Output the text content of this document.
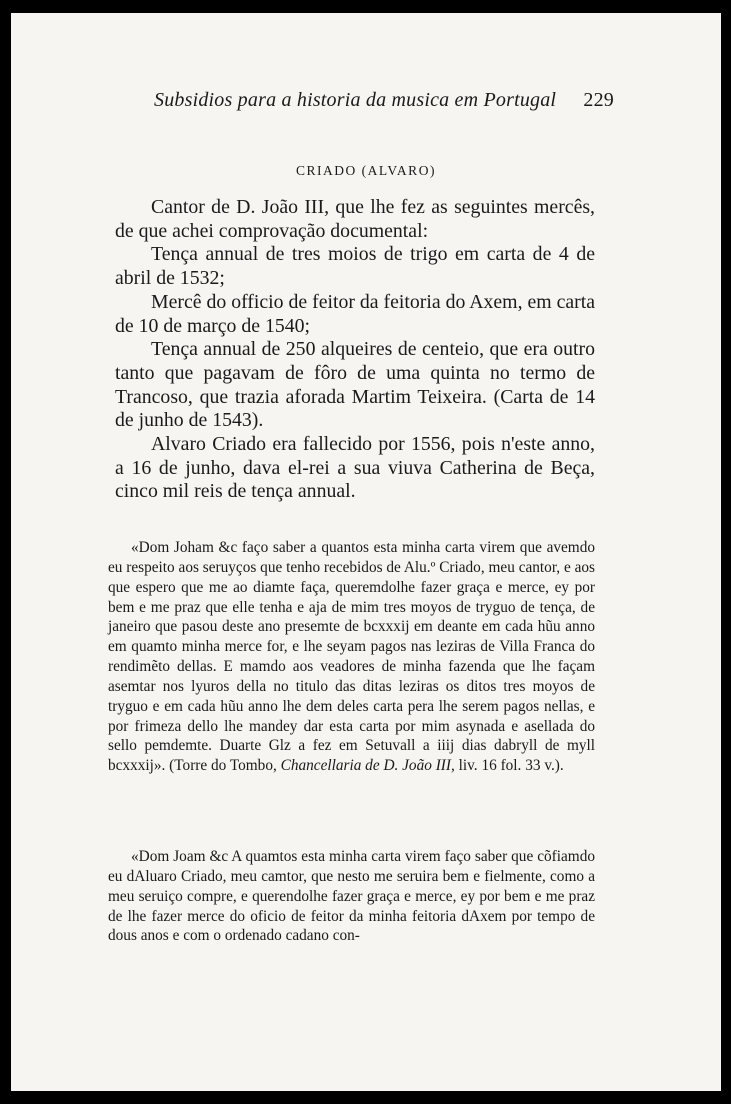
Subsidios para a historia da musica em Portugal 229
CRIADO (ALVARO)

Cantor de D. João III, que lhe fez as seguintes mercês, de que achei comprovação documental:

Tença annual de tres moios de trigo em carta de 4 de abril de 1532;

Mercê do officio de feitor da feitoria do Axem, em carta de 10 de março de 1540;

Tença annual de 250 alqueires de centeio, que era outro tanto que pagavam de fôro de uma quinta no termo de Trancoso, que trazia aforada Martim Teixeira. (Carta de 14 de junho de 1543).

Alvaro Criado era fallecido por 1556, pois n'este anno, a 16 de junho, dava el-rei a sua viuva Catherina de Beça, cinco mil reis de tença annual.

«Dom Joham &c faço saber a quantos esta minha carta virem que avemdo eu respeito aos seruyços que tenho recebidos de Alu.º Criado, meu cantor, e aos que espero que me ao diamte faça, queremdolhe fazer graça e merce, ey por bem e me praz que elle tenha e aja de mim tres moyos de tryguo de tença, de janeiro que pasou deste ano presemte de bcxxxij em deante em cada hũu anno em quamto minha merce for, e lhe seyam pagos nas leziras de Villa Franca do rendimẽto dellas. E mamdo aos veadores de minha fazenda que lhe façam asemtar nos lyuros della no titulo das ditas leziras os ditos tres moyos de tryguo e em cada hũu anno lhe dem deles carta pera lhe serem pagos nellas, e por frimeza dello lhe mandey dar esta carta por mim asynada e asellada do sello pemdemte. Duarte Glz a fez em Setuvall a iiij dias dabryll de myll bcxxxij». (Torre do Tombo, Chancellaria de D. João III, liv. 16 fol. 33 v.).

«Dom Joam &c A quamtos esta minha carta virem faço saber que cõfiamdo eu dAluaro Criado, meu camtor, que nesto me seruira bem e fielmente, como a meu seruiço compre, e querendolhe fazer graça e merce, ey por bem e me praz de lhe fazer merce do oficio de feitor da minha feitoria dAxem por tempo de dous anos e com o ordenado cadano con-
